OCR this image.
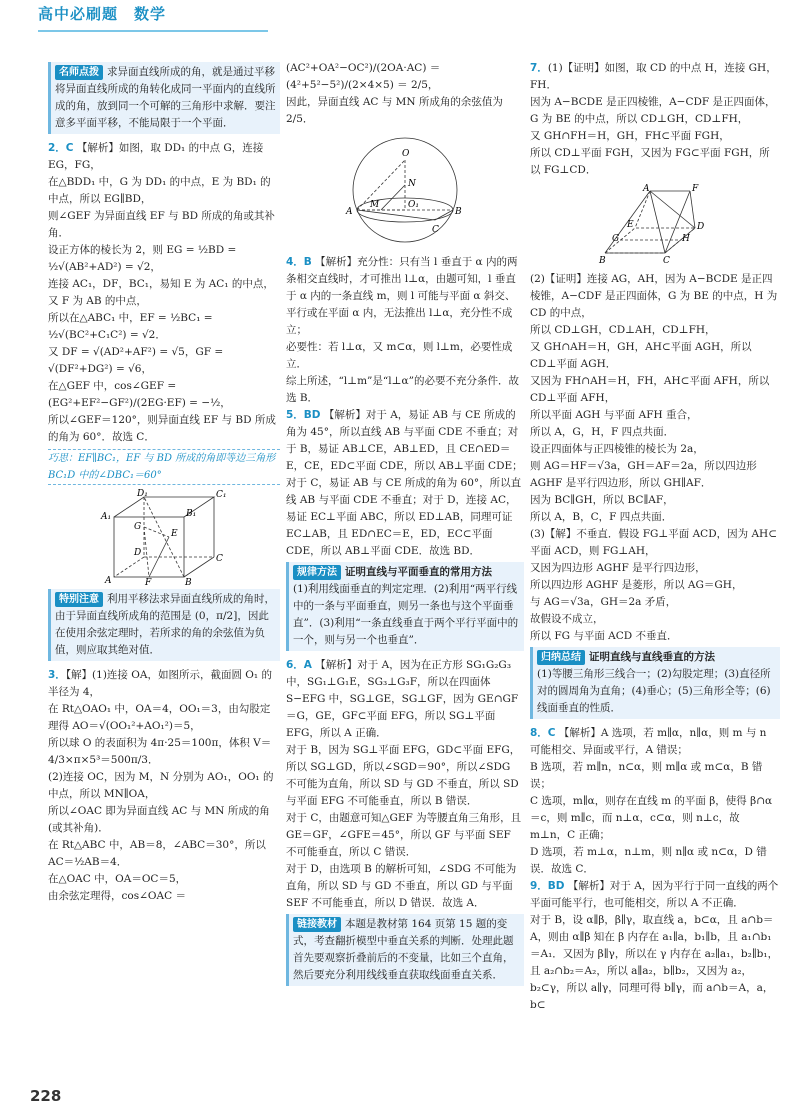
高中必刷题　数学
名师点拨 求异面直线所成的角，就是通过平移将异面直线所成的角转化成同一平面内的直线所成的角，放到同一个可解的三角形中求解．要注意多平面平移，不能局限于一个平面．

2．C 【解析】如图，取 DD₁ 的中点 G，连接 EG，FG，

在△BDD₁ 中，G 为 DD₁ 的中点，E 为 BD₁ 的中点，所以 EG∥BD，

则∠GEF 为异面直线 EF 与 BD 所成的角或其补角．

设正方体的棱长为 2，则 EG = ½BD = ½√(AB²+AD²) = √2，

连接 AC₁，DF，BC₁，易知 E 为 AC₁ 的中点，又 F 为 AB 的中点，

所以在△ABC₁ 中，EF = ½BC₁ = ½√(BC²+C₁C²) = √2．

又 DF = √(AD²+AF²) = √5，GF = √(DF²+DG²) = √6，

在△GEF 中，cos∠GEF = (EG²+EF²−GF²)/(2EG·EF) = −½，

所以∠GEF＝120°，则异面直线 EF 与 BD 所成的角为 60°．故选 C．

巧思：EF∥BC₁，EF 与 BD 所成的角即等边三角形 BC₁D 中的∠DBC₁＝60°

D₁	C₁
A₁	B₁
G
E
D
C
A	F	B
特别注意 利用平移法求异面直线所成的角时，由于异面直线所成角的范围是 (0，π/2]，因此在使用余弦定理时，若所求的角的余弦值为负值，则应取其绝对值．

3．【解】(1)连接 OA，如图所示，截面圆 O₁ 的半径为 4，

在 Rt△OAO₁ 中，OA＝4，OO₁＝3，由勾股定理得 AO＝√(OO₁²+AO₁²)＝5，

所以球 O 的表面积为 4π·25＝100π，体积 V＝4/3×π×5³＝500π/3．

(2)连接 OC，因为 M，N 分别为 AO₁，OO₁ 的中点，所以 MN∥OA，

所以∠OAC 即为异面直线 AC 与 MN 所成的角(或其补角)．

在 Rt△ABC 中，AB＝8，∠ABC＝30°，所以 AC＝½AB＝4．

在△OAC 中，OA＝OC＝5，

由余弦定理得，cos∠OAC ＝

(AC²+OA²−OC²)/(2OA·AC) ＝ (4²+5²−5²)/(2×4×5) ＝ 2/5，

因此，异面直线 AC 与 MN 所成角的余弦值为 2/5．

O
O₁
M
N
A	B
C

4．B 【解析】充分性：只有当 l 垂直于 α 内的两条相交直线时，才可推出 l⊥α，由题可知，l 垂直于 α 内的一条直线 m，则 l 可能与平面 α 斜交、平行或在平面 α 内，无法推出 l⊥α，充分性不成立；

必要性：若 l⊥α，又 m⊂α，则 l⊥m，必要性成立．

综上所述，“l⊥m”是“l⊥α”的必要不充分条件．故选 B．

5．BD 【解析】对于 A，易证 AB 与 CE 所成的角为 45°，所以直线 AB 与平面 CDE 不垂直；对于 B，易证 AB⊥CE，AB⊥ED，且 CE∩ED＝E，CE，ED⊂平面 CDE，所以 AB⊥平面 CDE；对于 C，易证 AB 与 CE 所成的角为 60°，所以直线 AB 与平面 CDE 不垂直；对于 D，连接 AC，易证 EC⊥平面 ABC，所以 ED⊥AB，同理可证 EC⊥AB，且 ED∩EC＝E，ED，EC⊂平面 CDE，所以 AB⊥平面 CDE．故选 BD．

规律方法 证明直线与平面垂直的常用方法

(1)利用线面垂直的判定定理．(2)利用“两平行线中的一条与平面垂直，则另一条也与这个平面垂直”．(3)利用“一条直线垂直于两个平行平面中的一个，则与另一个也垂直”．

6．A 【解析】对于 A，因为在正方形 SG₁G₂G₃ 中，SG₁⊥G₁E，SG₃⊥G₃F，所以在四面体 S−EFG 中，SG⊥GE，SG⊥GF，因为 GE∩GF＝G，GE，GF⊂平面 EFG，所以 SG⊥平面 EFG，所以 A 正确．

对于 B，因为 SG⊥平面 EFG，GD⊂平面 EFG，所以 SG⊥GD，所以∠SGD＝90°，所以∠SDG 不可能为直角，所以 SD 与 GD 不垂直，所以 SD 与平面 EFG 不可能垂直，所以 B 错误．

对于 C，由题意可知△GEF 为等腰直角三角形，且 GE＝GF，∠GFE＝45°，所以 GF 与平面 SEF 不可能垂直，所以 C 错误．

对于 D，由选项 B 的解析可知，∠SDG 不可能为直角，所以 SD 与 GD 不垂直，所以 GD 与平面 SEF 不可能垂直，所以 D 错误．故选 A．

链接教材 本题是教材第 164 页第 15 题的变式，考查翻折模型中垂直关系的判断．处理此题首先要观察折叠前后的不变量，比如三个直角，然后要充分利用线线垂直获取线面垂直关系．

7．(1)【证明】如图，取 CD 的中点 H，连接 GH，FH．

因为 A−BCDE 是正四棱锥，A−CDF 是正四面体，G 为 BE 的中点，所以 CD⊥GH，CD⊥FH，

又 GH∩FH＝H，GH，FH⊂平面 FGH，

所以 CD⊥平面 FGH，又因为 FG⊂平面 FGH，所以 FG⊥CD．

F
A
E	D
H
B	C
G

(2)【证明】连接 AG，AH，因为 A−BCDE 是正四棱锥，A−CDF 是正四面体，G 为 BE 的中点，H 为 CD 的中点，

所以 CD⊥GH，CD⊥AH，CD⊥FH，

又 GH∩AH＝H，GH，AH⊂平面 AGH，所以 CD⊥平面 AGH．

又因为 FH∩AH＝H，FH，AH⊂平面 AFH，所以 CD⊥平面 AFH，

所以平面 AGH 与平面 AFH 重合，

所以 A，G，H，F 四点共面．

设正四面体与正四棱锥的棱长为 2a，

则 AG＝HF＝√3a，GH＝AF＝2a，所以四边形 AGHF 是平行四边形，所以 GH∥AF．

因为 BC∥GH，所以 BC∥AF，

所以 A，B，C，F 四点共面．

(3)【解】不垂直．假设 FG⊥平面 ACD，因为 AH⊂平面 ACD，则 FG⊥AH，

又因为四边形 AGHF 是平行四边形，

所以四边形 AGHF 是菱形，所以 AG＝GH，

与 AG＝√3a，GH＝2a 矛盾，

故假设不成立，

所以 FG 与平面 ACD 不垂直．

归纳总结 证明直线与直线垂直的方法

(1)等腰三角形三线合一；(2)勾股定理；(3)直径所对的圆周角为直角；(4)垂心；(5)三角形全等；(6)线面垂直的性质．

8．C 【解析】A 选项，若 m∥α，n∥α，则 m 与 n 可能相交、异面或平行，A 错误；

B 选项，若 m∥n，n⊂α，则 m∥α 或 m⊂α，B 错误；

C 选项，m∥α，则存在直线 m 的平面 β，使得 β∩α＝c，则 m∥c，而 n⊥α，c⊂α，则 n⊥c，故 m⊥n，C 正确；

D 选项，若 m⊥α，n⊥m，则 n∥α 或 n⊂α，D 错误．故选 C．

9．BD 【解析】对于 A，因为平行于同一直线的两个平面可能平行，也可能相交，所以 A 不正确．

对于 B，设 α∥β，β∥γ，取直线 a，b⊂α，且 a∩b＝A，则由 α∥β 知在 β 内存在 a₁∥a，b₁∥b，且 a₁∩b₁＝A₁．又因为 β∥γ，所以在 γ 内存在 a₂∥a₁，b₂∥b₁，且 a₂∩b₂＝A₂，所以 a∥a₂，b∥b₂，又因为 a₂，b₂⊂γ，所以 a∥γ，同理可得 b∥γ，而 a∩b＝A，a，b⊂

228
